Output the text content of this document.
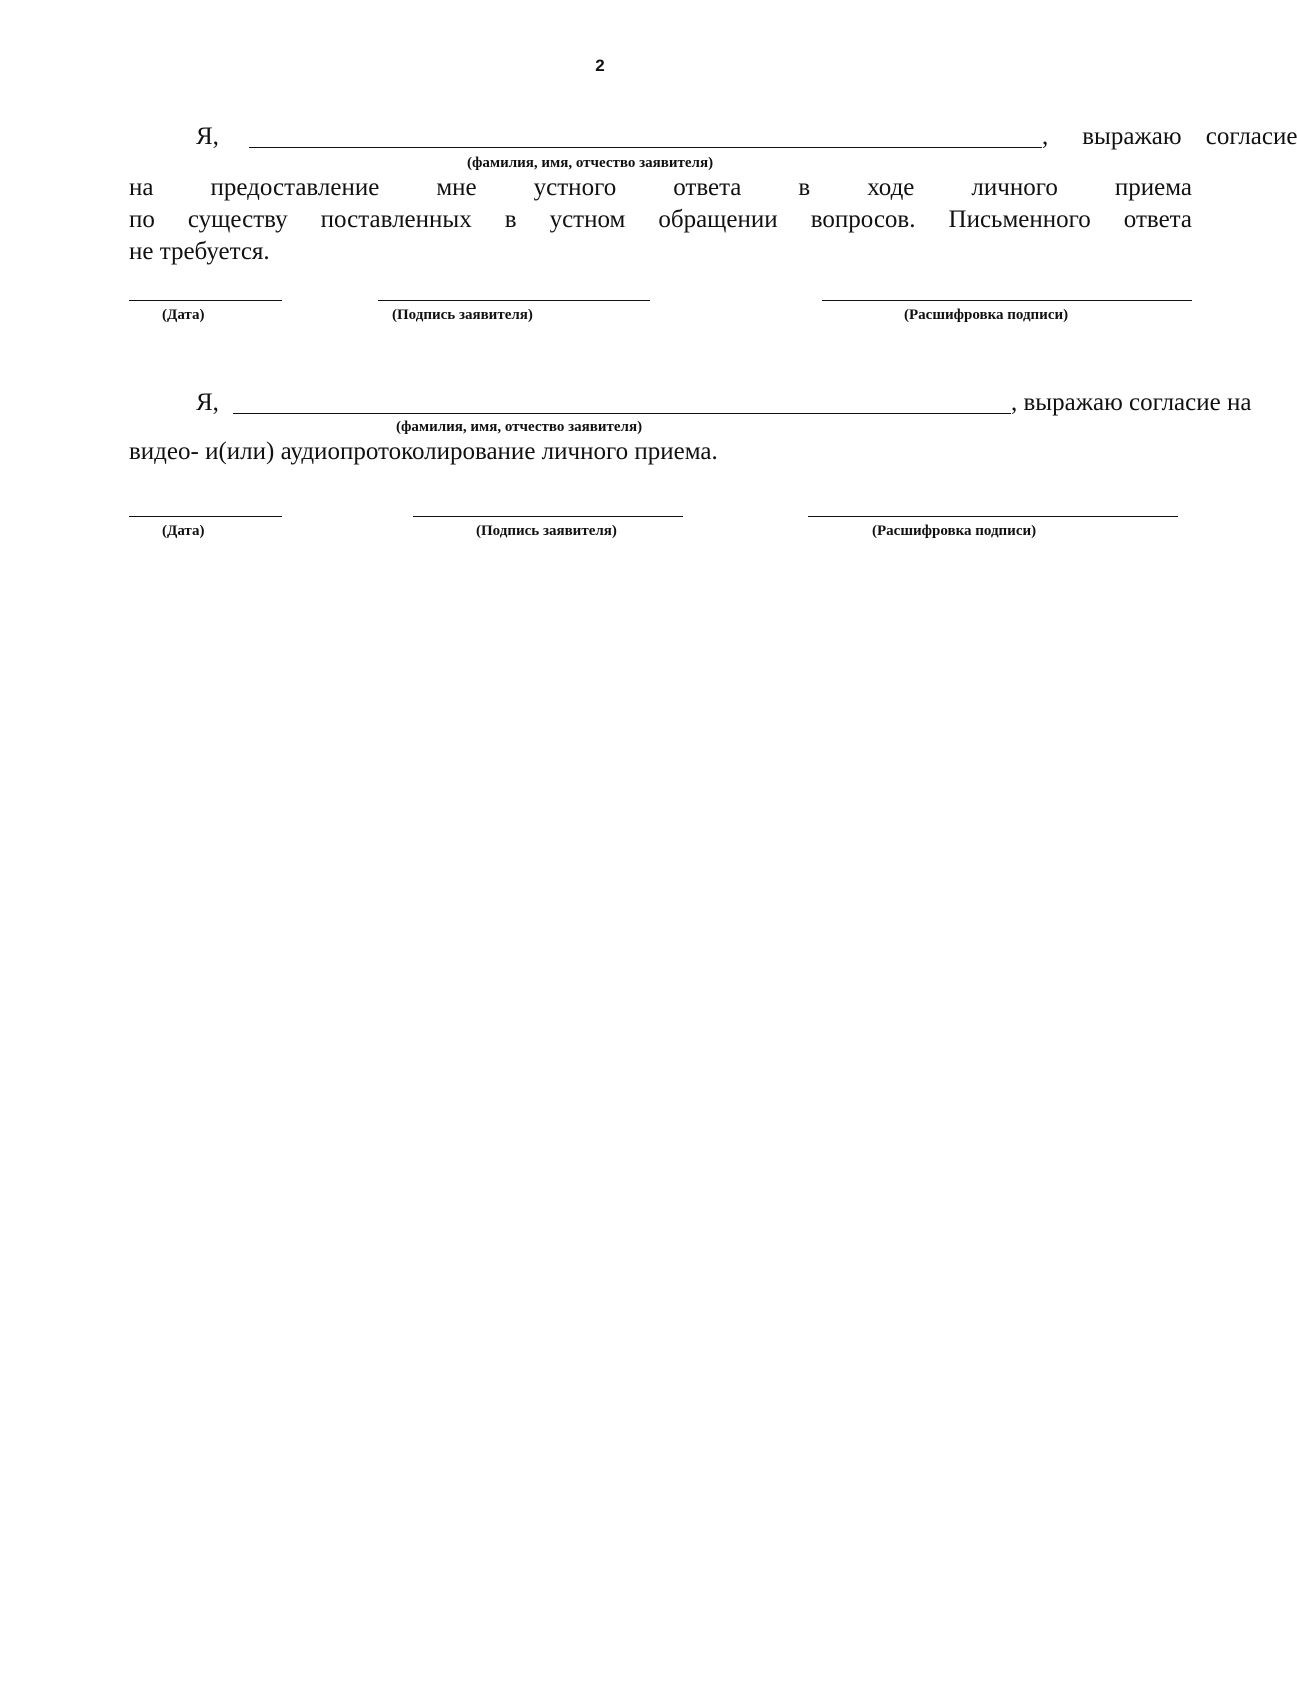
2
Я,	, выражаю согласие
(фамилия, имя, отчество заявителя)
на предоставление мне устного ответа в ходе личного приема
по существу поставленных в устном обращении вопросов. Письменного ответа
не требуется.
(Дата)	(Подпись заявителя)	(Расшифровка подписи)
Я,	, выражаю согласие на
(фамилия, имя, отчество заявителя)
видео- и(или) аудиопротоколирование личного приема.
(Дата)	(Подпись заявителя)	(Расшифровка подписи)
